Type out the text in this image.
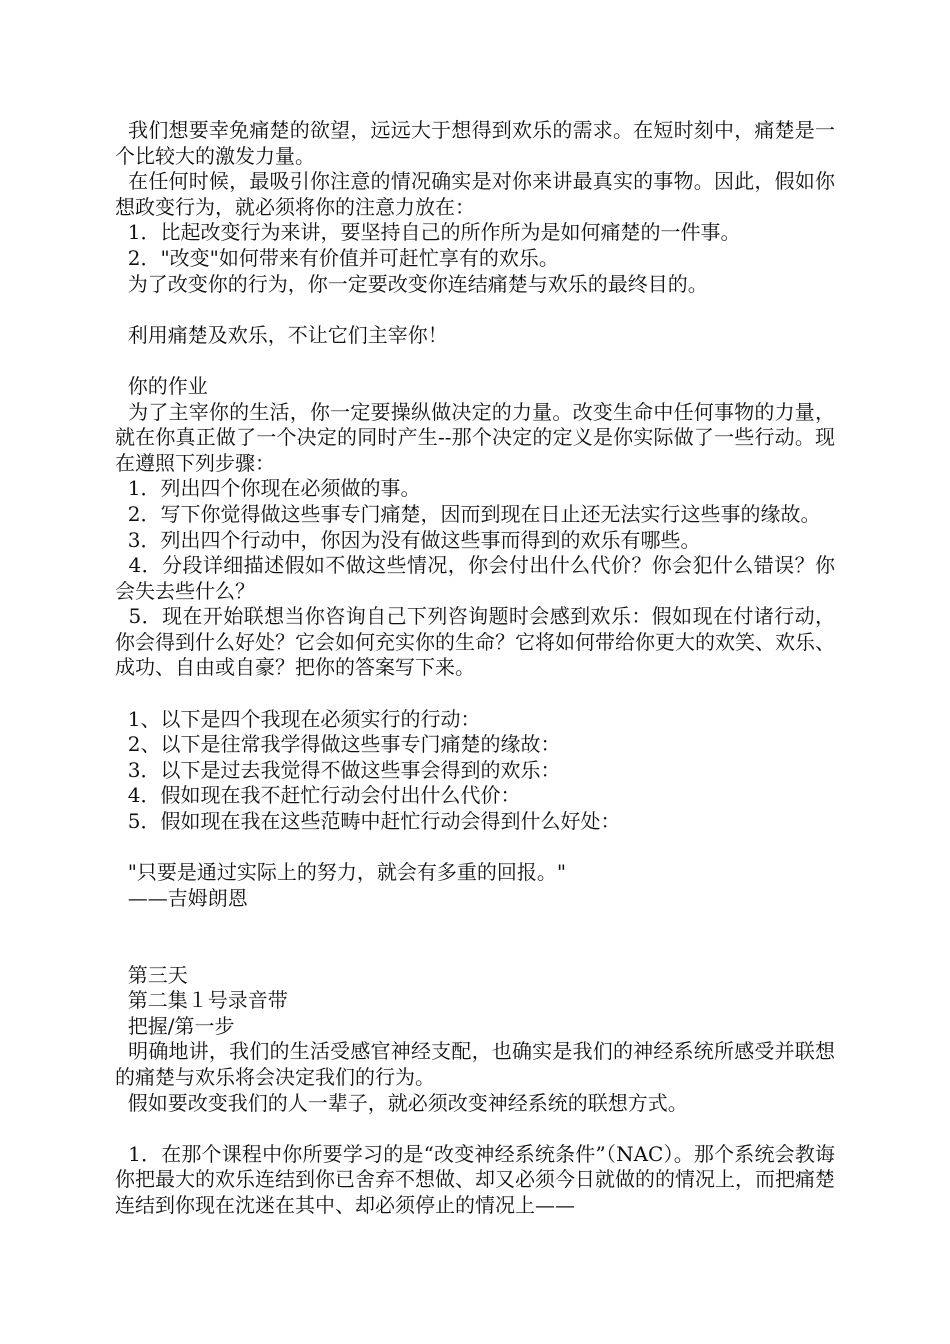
我们想要幸免痛楚的欲望，远远大于想得到欢乐的需求。在短时刻中，痛楚是一个比较大的激发力量。

在任何时候，最吸引你注意的情况确实是对你来讲最真实的事物。因此，假如你想政变行为，就必须将你的注意力放在：

1．比起改变行为来讲，要坚持自己的所作所为是如何痛楚的一件事。

2．"改变"如何带来有价值并可赶忙享有的欢乐。

为了改变你的行为，你一定要改变你连结痛楚与欢乐的最终目的。

利用痛楚及欢乐，不让它们主宰你！

你的作业

为了主宰你的生活，你一定要操纵做决定的力量。改变生命中任何事物的力量，就在你真正做了一个决定的同时产生--那个决定的定义是你实际做了一些行动。现在遵照下列步骤：

1．列出四个你现在必须做的事。

2．写下你觉得做这些事专门痛楚，因而到现在日止还无法实行这些事的缘故。

3．列出四个行动中，你因为没有做这些事而得到的欢乐有哪些。

4．分段详细描述假如不做这些情况，你会付出什么代价？你会犯什么错误？你会失去些什么？

5．现在开始联想当你咨询自己下列咨询题时会感到欢乐：假如现在付诸行动，你会得到什么好处？它会如何充实你的生命？它将如何带给你更大的欢笑、欢乐、成功、自由或自豪？把你的答案写下来。

1、以下是四个我现在必须实行的行动：

2、以下是往常我学得做这些事专门痛楚的缘故：

3．以下是过去我觉得不做这些事会得到的欢乐：

4．假如现在我不赶忙行动会付出什么代价：

5．假如现在我在这些范畴中赶忙行动会得到什么好处：

"只要是通过实际上的努力，就会有多重的回报。"

——吉姆朗恩

第三天

第二集１号录音带

把握/第一步

明确地讲，我们的生活受感官神经支配，也确实是我们的神经系统所感受并联想的痛楚与欢乐将会决定我们的行为。

假如要改变我们的人一辈子，就必须改变神经系统的联想方式。

1．在那个课程中你所要学习的是“改变神经系统条件”（NAC）。那个系统会教诲你把最大的欢乐连结到你已舍弃不想做、却又必须今日就做的的情况上，而把痛楚连结到你现在沈迷在其中、却必须停止的情况上——
